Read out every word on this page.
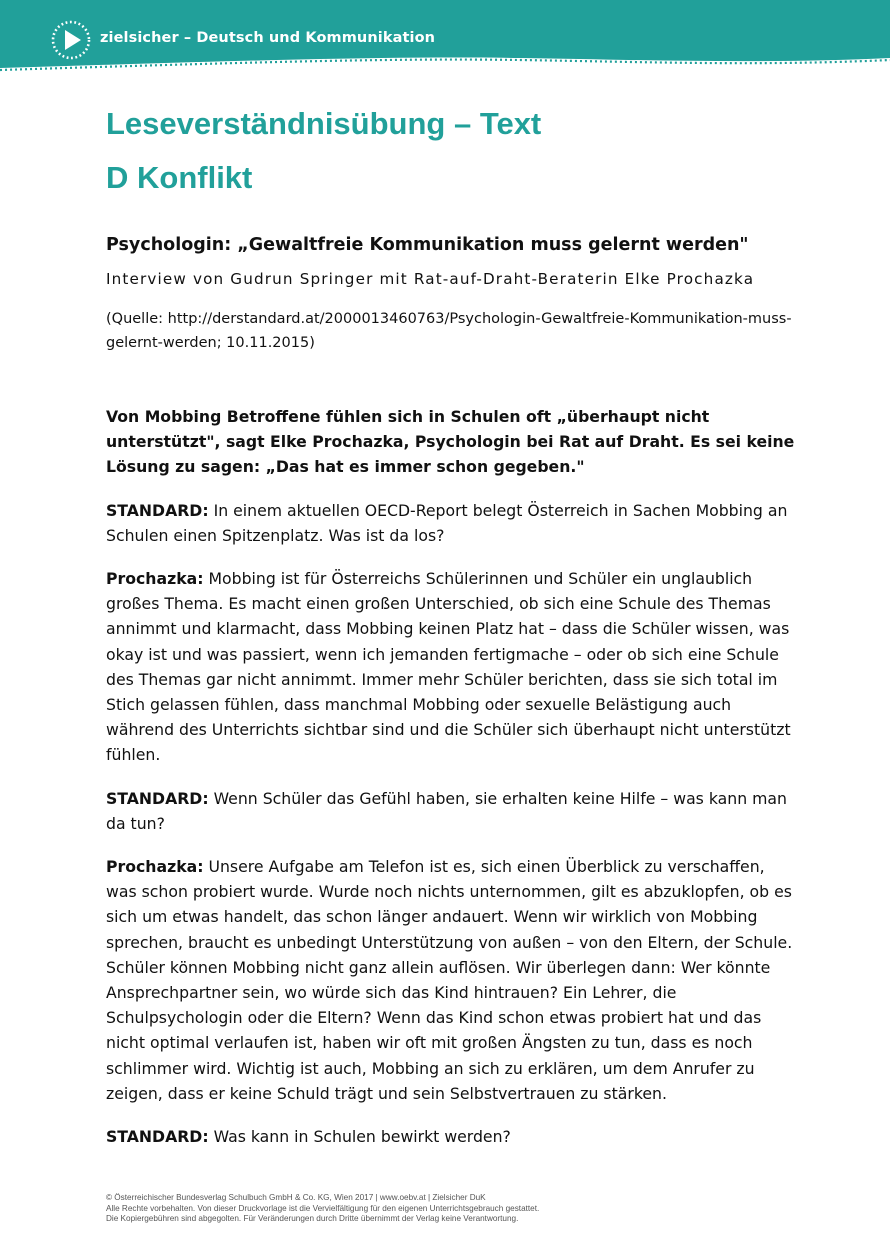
zielsicher – Deutsch und Kommunikation
Leseverständnisübung – Text
D Konflikt

Psychologin: „Gewaltfreie Kommunikation muss gelernt werden"

Interview von Gudrun Springer mit Rat-auf-Draht-Beraterin Elke Prochazka

(Quelle: http://derstandard.at/2000013460763/Psychologin-Gewaltfreie-Kommunikation-muss-gelernt-werden; 10.11.2015)

Von Mobbing Betroffene fühlen sich in Schulen oft „überhaupt nicht unterstützt", sagt Elke Prochazka, Psychologin bei Rat auf Draht. Es sei keine Lösung zu sagen: „Das hat es immer schon gegeben."

STANDARD: In einem aktuellen OECD-Report belegt Österreich in Sachen Mobbing an Schulen einen Spitzenplatz. Was ist da los?

Prochazka: Mobbing ist für Österreichs Schülerinnen und Schüler ein unglaublich großes Thema. Es macht einen großen Unterschied, ob sich eine Schule des Themas annimmt und klarmacht, dass Mobbing keinen Platz hat – dass die Schüler wissen, was okay ist und was passiert, wenn ich jemanden fertigmache – oder ob sich eine Schule des Themas gar nicht annimmt. Immer mehr Schüler berichten, dass sie sich total im Stich gelassen fühlen, dass manchmal Mobbing oder sexuelle Belästigung auch während des Unterrichts sichtbar sind und die Schüler sich überhaupt nicht unterstützt fühlen.

STANDARD: Wenn Schüler das Gefühl haben, sie erhalten keine Hilfe – was kann man da tun?

Prochazka: Unsere Aufgabe am Telefon ist es, sich einen Überblick zu verschaffen, was schon probiert wurde. Wurde noch nichts unternommen, gilt es abzuklopfen, ob es sich um etwas handelt, das schon länger andauert. Wenn wir wirklich von Mobbing sprechen, braucht es unbedingt Unterstützung von außen – von den Eltern, der Schule. Schüler können Mobbing nicht ganz allein auflösen. Wir überlegen dann: Wer könnte Ansprechpartner sein, wo würde sich das Kind hintrauen? Ein Lehrer, die Schulpsychologin oder die Eltern? Wenn das Kind schon etwas probiert hat und das nicht optimal verlaufen ist, haben wir oft mit großen Ängsten zu tun, dass es noch schlimmer wird. Wichtig ist auch, Mobbing an sich zu erklären, um dem Anrufer zu zeigen, dass er keine Schuld trägt und sein Selbstvertrauen zu stärken.

STANDARD: Was kann in Schulen bewirkt werden?

© Österreichischer Bundesverlag Schulbuch GmbH & Co. KG, Wien 2017 | www.oebv.at | Zielsicher DuK
Alle Rechte vorbehalten. Von dieser Druckvorlage ist die Vervielfältigung für den eigenen Unterrichtsgebrauch gestattet.
Die Kopiergebühren sind abgegolten. Für Veränderungen durch Dritte übernimmt der Verlag keine Verantwortung.
